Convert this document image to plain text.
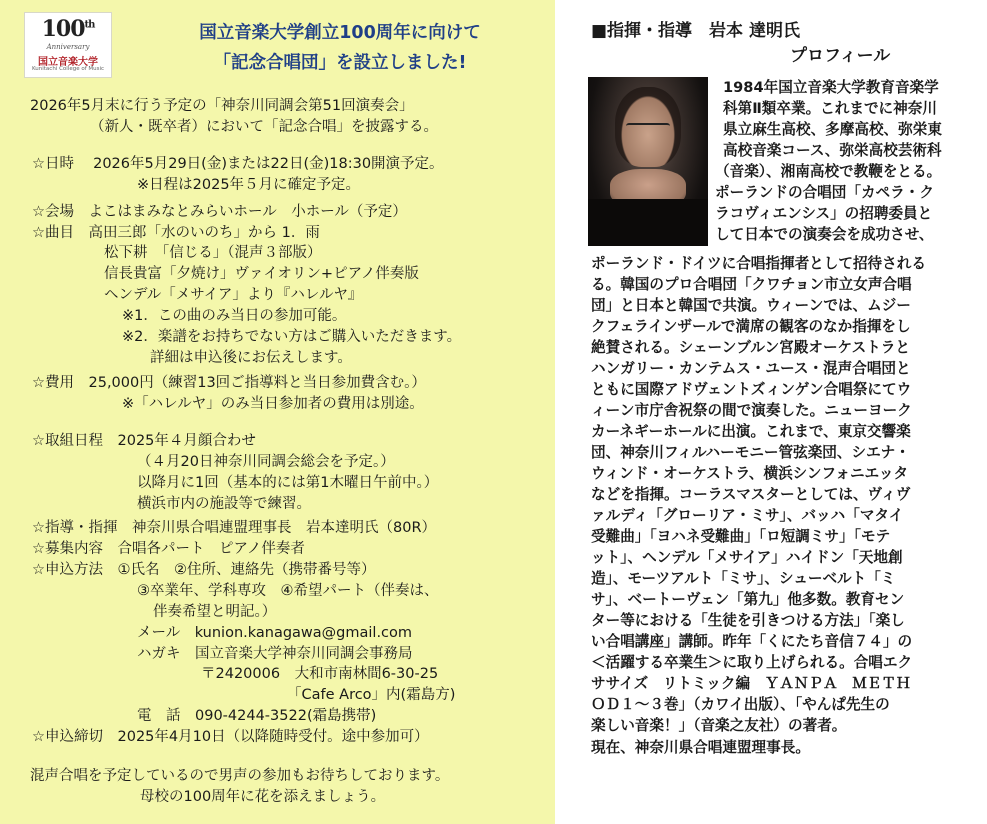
100th
Anniversary
国立音楽大学
Kunitachi College of Music
国立音楽大学創立100周年に向けて
「記念合唱団」を設立しました!
2026年5月末に行う予定の「神奈川同調会第51回演奏会」
（新人・既卒者）において「記念合唱」を披露する。
☆日時　 2026年5月29日(金)または22日(金)18:30開演予定。
※日程は2025年５月に確定予定。
☆会場　よこはまみなとみらいホール　小ホール（予定）
☆曲目　高田三郎「水のいのち」から 1．雨
松下耕　「信じる」（混声３部版）
信長貴富「夕焼け」ヴァイオリン+ピアノ伴奏版
ヘンデル「メサイア」より『ハレルヤ』
※1．この曲のみ当日の参加可能。
※2．楽譜をお持ちでない方はご購入いただきます。
詳細は申込後にお伝えします。
☆費用　25,000円（練習13回ご指導料と当日参加費含む。）
※「ハレルヤ」のみ当日参加者の費用は別途。
☆取組日程　2025年４月顔合わせ
（４月20日神奈川同調会総会を予定。）
以降月に1回（基本的には第1木曜日午前中。）
横浜市内の施設等で練習。
☆指導・指揮　神奈川県合唱連盟理事長　岩本達明氏（80R）
☆募集内容　合唱各パート　ピアノ伴奏者
☆申込方法　①氏名　②住所、連絡先（携帯番号等）
③卒業年、学科専攻　④希望パート（伴奏は、
伴奏希望と明記。）
メール　kunion.kanagawa@gmail.com
ハガキ　国立音楽大学神奈川同調会事務局
〒2420006　大和市南林間6-30-25
「Cafe Arco」内(霜島方)
電　話　090-4244-3522(霜島携帯)
☆申込締切　2025年4月10日（以降随時受付。途中参加可）
混声合唱を予定しているので男声の参加もお待ちしております。
母校の100周年に花を添えましょう。
■指揮・指導　岩本 達明氏
プロフィール
1984年国立音楽大学教育音楽学
科第Ⅱ類卒業。これまでに神奈川
県立麻生高校、多摩高校、弥栄東
高校音楽コース、弥栄高校芸術科
（音楽）、湘南高校で教鞭をとる。
ポーランドの合唱団「カペラ・ク
ラコヴィエンシス」の招聘委員と
して日本での演奏会を成功させ、
ポーランド・ドイツに合唱指揮者として招待される
る。韓国のプロ合唱団「クワチョン市立女声合唱
団」と日本と韓国で共演。ウィーンでは、ムジー
クフェラインザールで満席の観客のなか指揮をし
絶賛される。シェーンブルン宮殿オーケストラと
ハンガリー・カンテムス・ユース・混声合唱団と
ともに国際アドヴェントズィンゲン合唱祭にてウ
ィーン市庁舎祝祭の間で演奏した。ニューヨーク
カーネギーホールに出演。これまで、東京交響楽
団、神奈川フィルハーモニー管弦楽団、シエナ・
ウィンド・オーケストラ、横浜シンフォニエッタ
などを指揮。コーラスマスターとしては、ヴィヴ
ァルディ「グローリア・ミサ」、バッハ「マタイ
受難曲」「ヨハネ受難曲」「ロ短調ミサ」「モテ
ット」、ヘンデル「メサイア」ハイドン「天地創
造」、モーツアルト「ミサ」、シューベルト「ミ
サ」、ベートーヴェン「第九」他多数。教育セン
ター等における「生徒を引きつける方法」「楽し
い合唱講座」講師。昨年「くにたち音信７４」の
＜活躍する卒業生＞に取り上げられる。合唱エク
ササイズ　リトミック編　ＹＡＮＰＡ　ＭＥＴＨ
ＯＤ１～３巻」（カワイ出版）、「やんぱ先生の
楽しい音楽！」（音楽之友社）の著者。
現在、神奈川県合唱連盟理事長。
